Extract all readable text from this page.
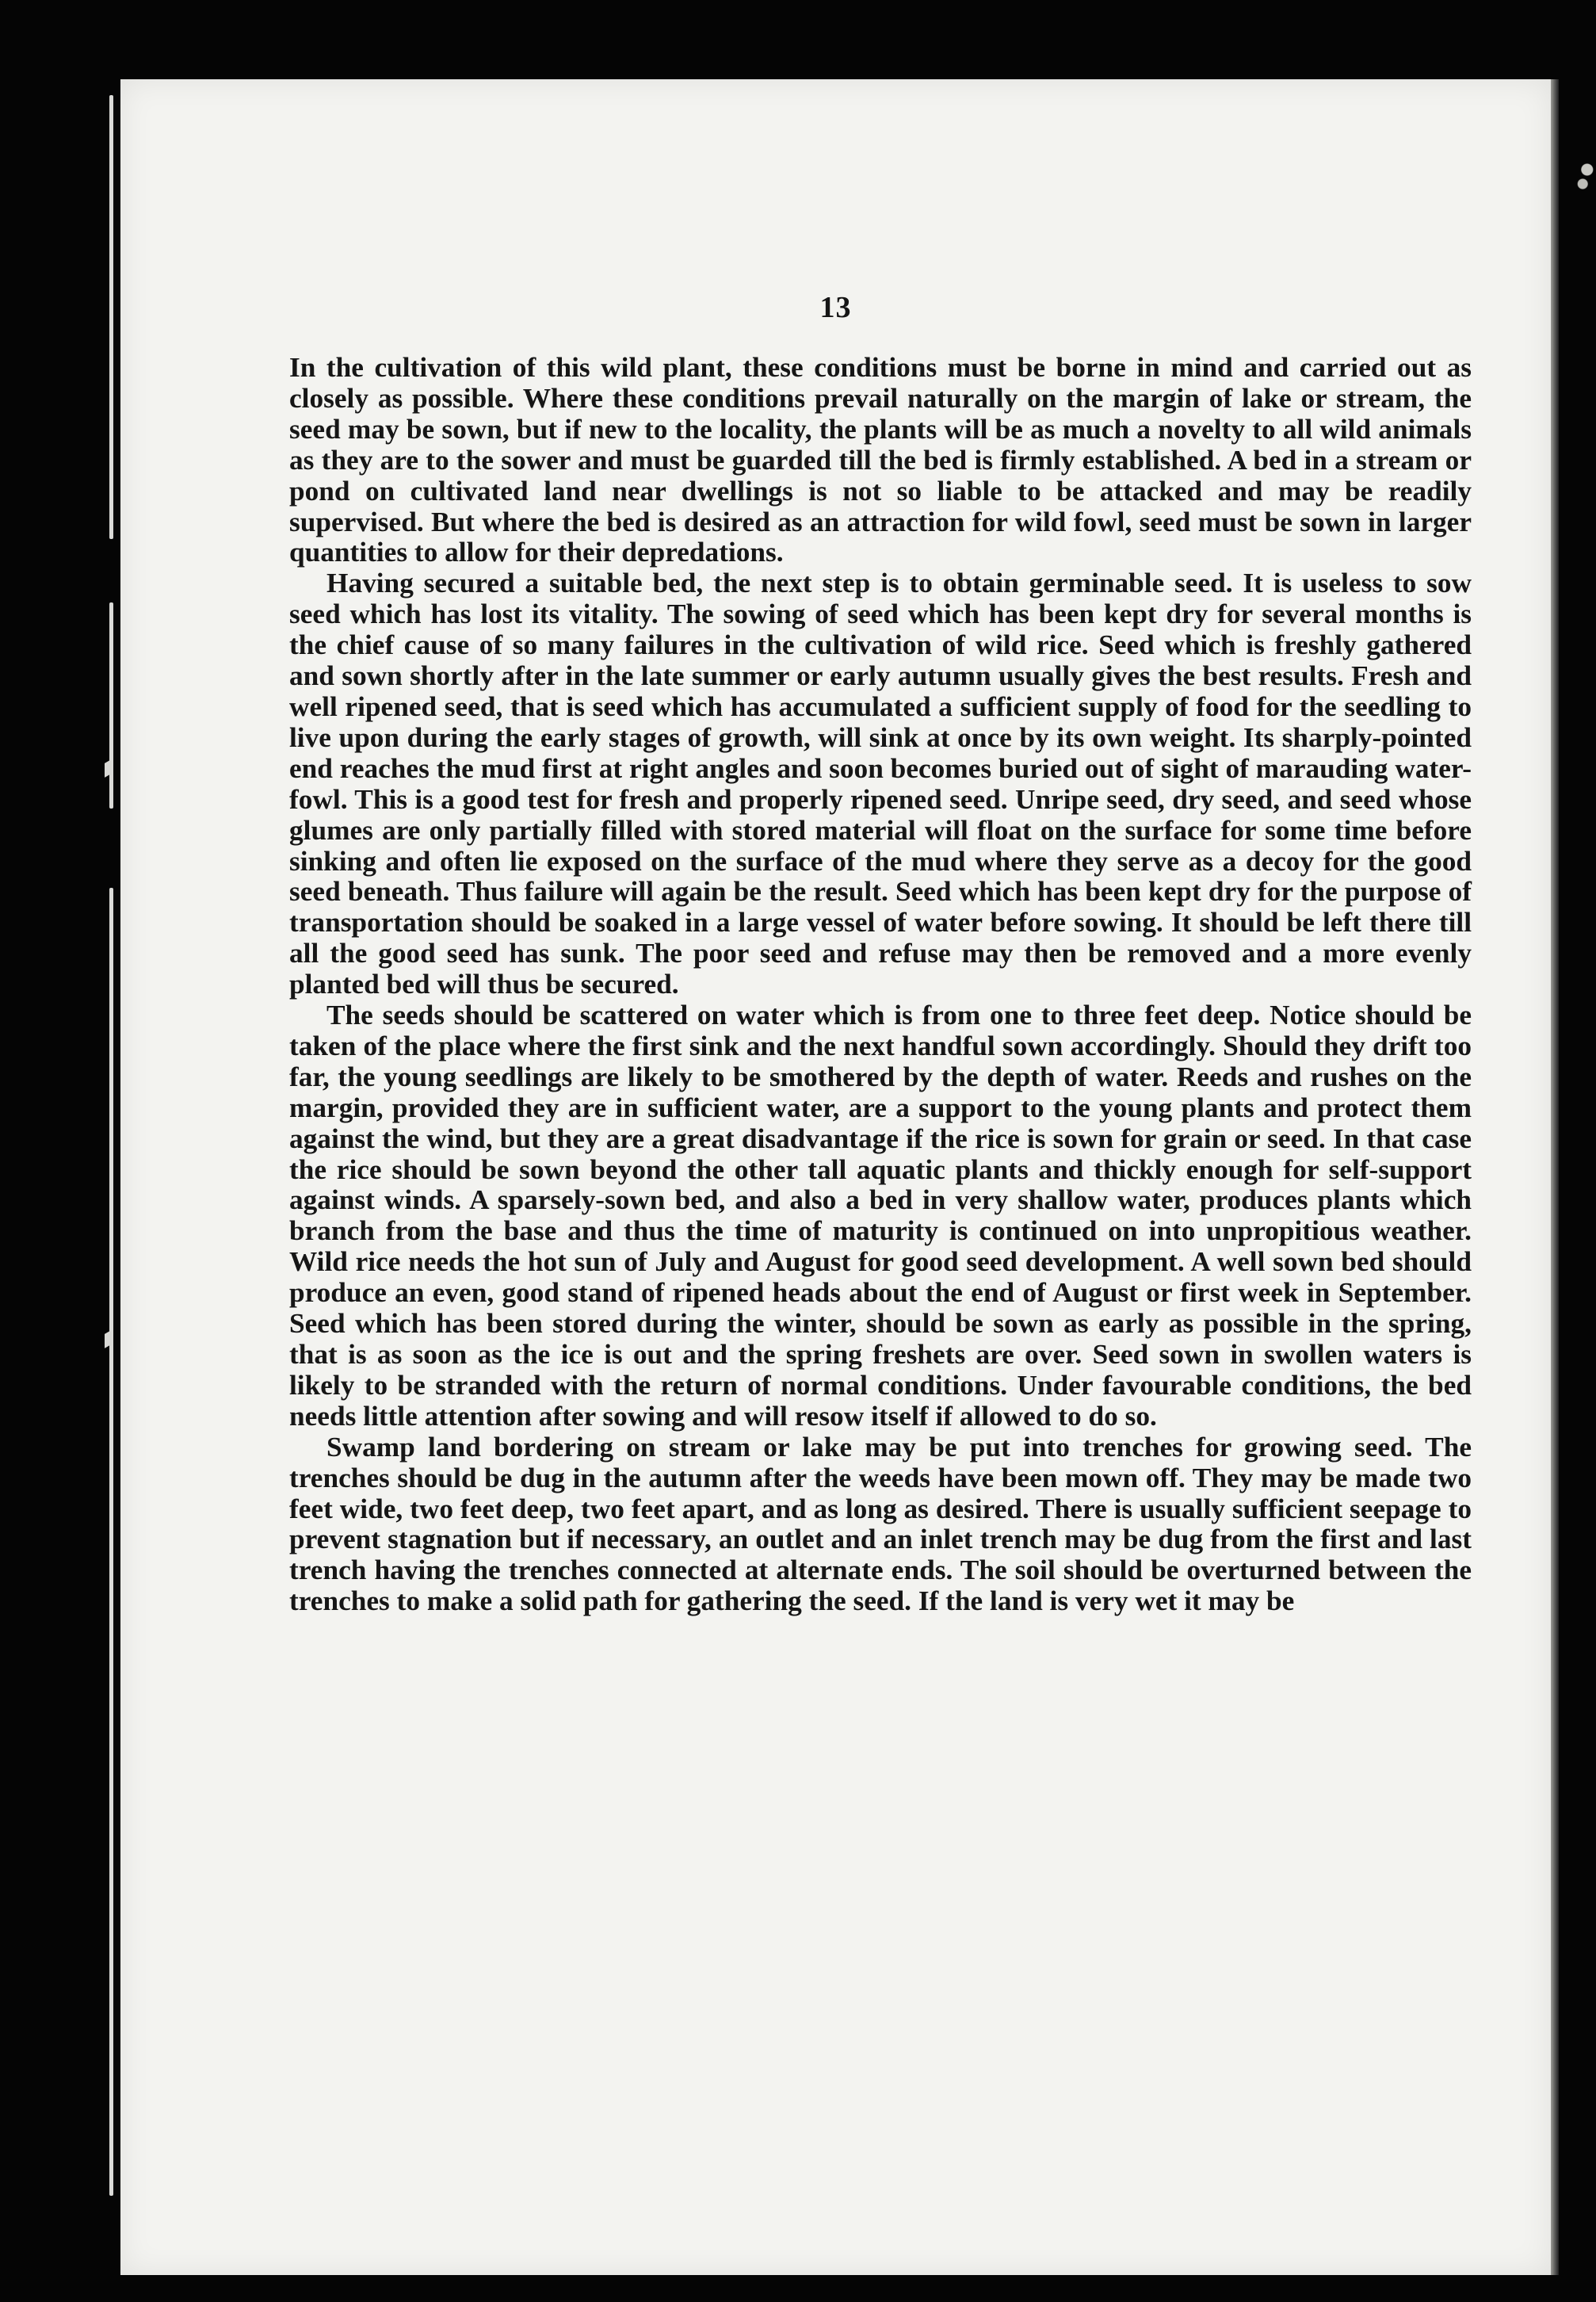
13

In the cultivation of this wild plant, these conditions must be borne in mind and carried out as closely as possible. Where these conditions prevail naturally on the margin of lake or stream, the seed may be sown, but if new to the locality, the plants will be as much a novelty to all wild animals as they are to the sower and must be guarded till the bed is firmly established. A bed in a stream or pond on cultivated land near dwellings is not so liable to be attacked and may be readily supervised. But where the bed is desired as an attraction for wild fowl, seed must be sown in larger quantities to allow for their depredations.

Having secured a suitable bed, the next step is to obtain germinable seed. It is useless to sow seed which has lost its vitality. The sowing of seed which has been kept dry for several months is the chief cause of so many failures in the cultivation of wild rice. Seed which is freshly gathered and sown shortly after in the late summer or early autumn usually gives the best results. Fresh and well ripened seed, that is seed which has accumulated a sufficient supply of food for the seedling to live upon during the early stages of growth, will sink at once by its own weight. Its sharply-pointed end reaches the mud first at right angles and soon becomes buried out of sight of marauding water-fowl. This is a good test for fresh and properly ripened seed. Unripe seed, dry seed, and seed whose glumes are only partially filled with stored material will float on the surface for some time before sinking and often lie exposed on the surface of the mud where they serve as a decoy for the good seed beneath. Thus failure will again be the result. Seed which has been kept dry for the purpose of transportation should be soaked in a large vessel of water before sowing. It should be left there till all the good seed has sunk. The poor seed and refuse may then be removed and a more evenly planted bed will thus be secured.

The seeds should be scattered on water which is from one to three feet deep. Notice should be taken of the place where the first sink and the next handful sown accordingly. Should they drift too far, the young seedlings are likely to be smothered by the depth of water. Reeds and rushes on the margin, provided they are in sufficient water, are a support to the young plants and protect them against the wind, but they are a great disadvantage if the rice is sown for grain or seed. In that case the rice should be sown beyond the other tall aquatic plants and thickly enough for self-support against winds. A sparsely-sown bed, and also a bed in very shallow water, produces plants which branch from the base and thus the time of maturity is continued on into unpropitious weather. Wild rice needs the hot sun of July and August for good seed development. A well sown bed should produce an even, good stand of ripened heads about the end of August or first week in September. Seed which has been stored during the winter, should be sown as early as possible in the spring, that is as soon as the ice is out and the spring freshets are over. Seed sown in swollen waters is likely to be stranded with the return of normal conditions. Under favourable conditions, the bed needs little attention after sowing and will resow itself if allowed to do so.

Swamp land bordering on stream or lake may be put into trenches for growing seed. The trenches should be dug in the autumn after the weeds have been mown off. They may be made two feet wide, two feet deep, two feet apart, and as long as desired. There is usually sufficient seepage to prevent stagnation but if necessary, an outlet and an inlet trench may be dug from the first and last trench having the trenches connected at alternate ends. The soil should be overturned between the trenches to make a solid path for gathering the seed. If the land is very wet it may be
